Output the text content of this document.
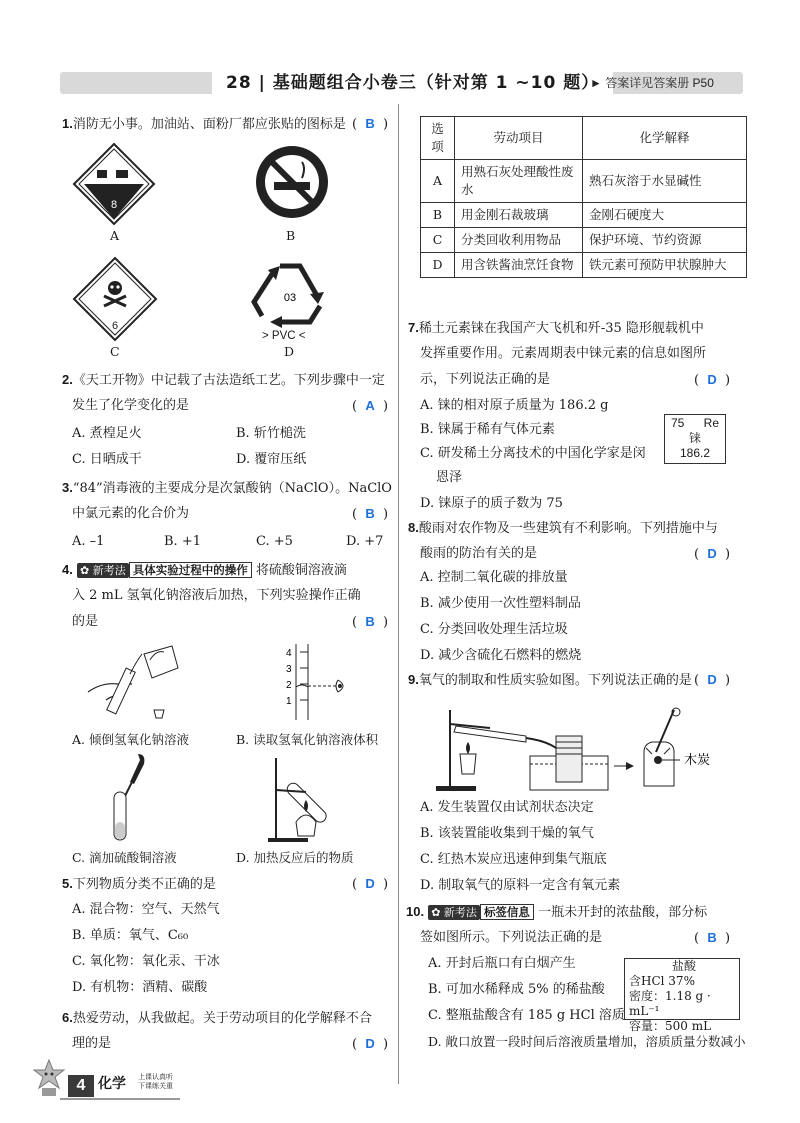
28 | 基础题组合小卷三（针对第 1 ~10 题）
► 答案详见答案册 P50
1.消防无小事。加油站、面粉厂都应张贴的图标是 (  B  )
8
A	B
6
C
03
> PVC <
D
2.《天工开物》中记载了古法造纸工艺。下列步骤中一定
发生了化学变化的是	(  A  )
A. 煮楻足火	B. 斩竹槌洗
C. 日晒成干	D. 覆帘压纸
3.“84”消毒液的主要成分是次氯酸钠（NaClO）。NaClO
中氯元素的化合价为	(  B  )
A. –1	B. +1	C. +5	D. +7
4. ✿ 新考法 具体实验过程中的操作 将硫酸铜溶液滴
入 2 mL 氢氧化钠溶液后加热，下列实验操作正确
的是	(  B  )
4
3
2
1
A. 倾倒氢氧化钠溶液	B. 读取氢氧化钠溶液体积
C. 滴加硫酸铜溶液	D. 加热反应后的物质
5.下列物质分类不正确的是	(  D  )
A. 混合物：空气、天然气
B. 单质：氧气、C₆₀
C. 氧化物：氧化汞、干冰
D. 有机物：酒精、碳酸
6.热爱劳动，从我做起。关于劳动项目的化学解释不合
理的是	(  D  )
4 化学 上课认真听
下课练关重
选项	劳动项目	化学解释
A	用熟石灰处理酸性废水	熟石灰溶于水显碱性
B	用金刚石裁玻璃	金刚石硬度大
C	分类回收利用物品	保护环境、节约资源
D	用含铁酱油烹饪食物	铁元素可预防甲状腺肿大
7.稀土元素铼在我国产大飞机和歼-35 隐形舰载机中
发挥重要作用。元素周期表中铼元素的信息如图所
示，下列说法正确的是	(  D  )
A. 铼的相对原子质量为 186.2 g
B. 铼属于稀有气体元素
C. 研发稀土分离技术的中国化学家是闵
恩泽
D. 铼原子的质子数为 75
75 Re
铼
186.2
8.酸雨对农作物及一些建筑有不利影响。下列措施中与
酸雨的防治有关的是	(  D  )
A. 控制二氧化碳的排放量
B. 减少使用一次性塑料制品
C. 分类回收处理生活垃圾
D. 减少含硫化石燃料的燃烧
9.氧气的制取和性质实验如图。下列说法正确的是 (  D  )
木炭
A. 发生装置仅由试剂状态决定
B. 该装置能收集到干燥的氧气
C. 红热木炭应迅速伸到集气瓶底
D. 制取氧气的原料一定含有氧元素
10. ✿ 新考法 标签信息 一瓶未开封的浓盐酸，部分标
签如图所示。下列说法正确的是	(  B  )
A. 开封后瓶口有白烟产生
B. 可加水稀释成 5% 的稀盐酸
C. 整瓶盐酸含有 185 g HCl 溶质
D. 敞口放置一段时间后溶液质量增加，溶质质量分数减小
盐酸
含HCl 37%
密度：1.18 g · mL⁻¹
容量：500 mL
